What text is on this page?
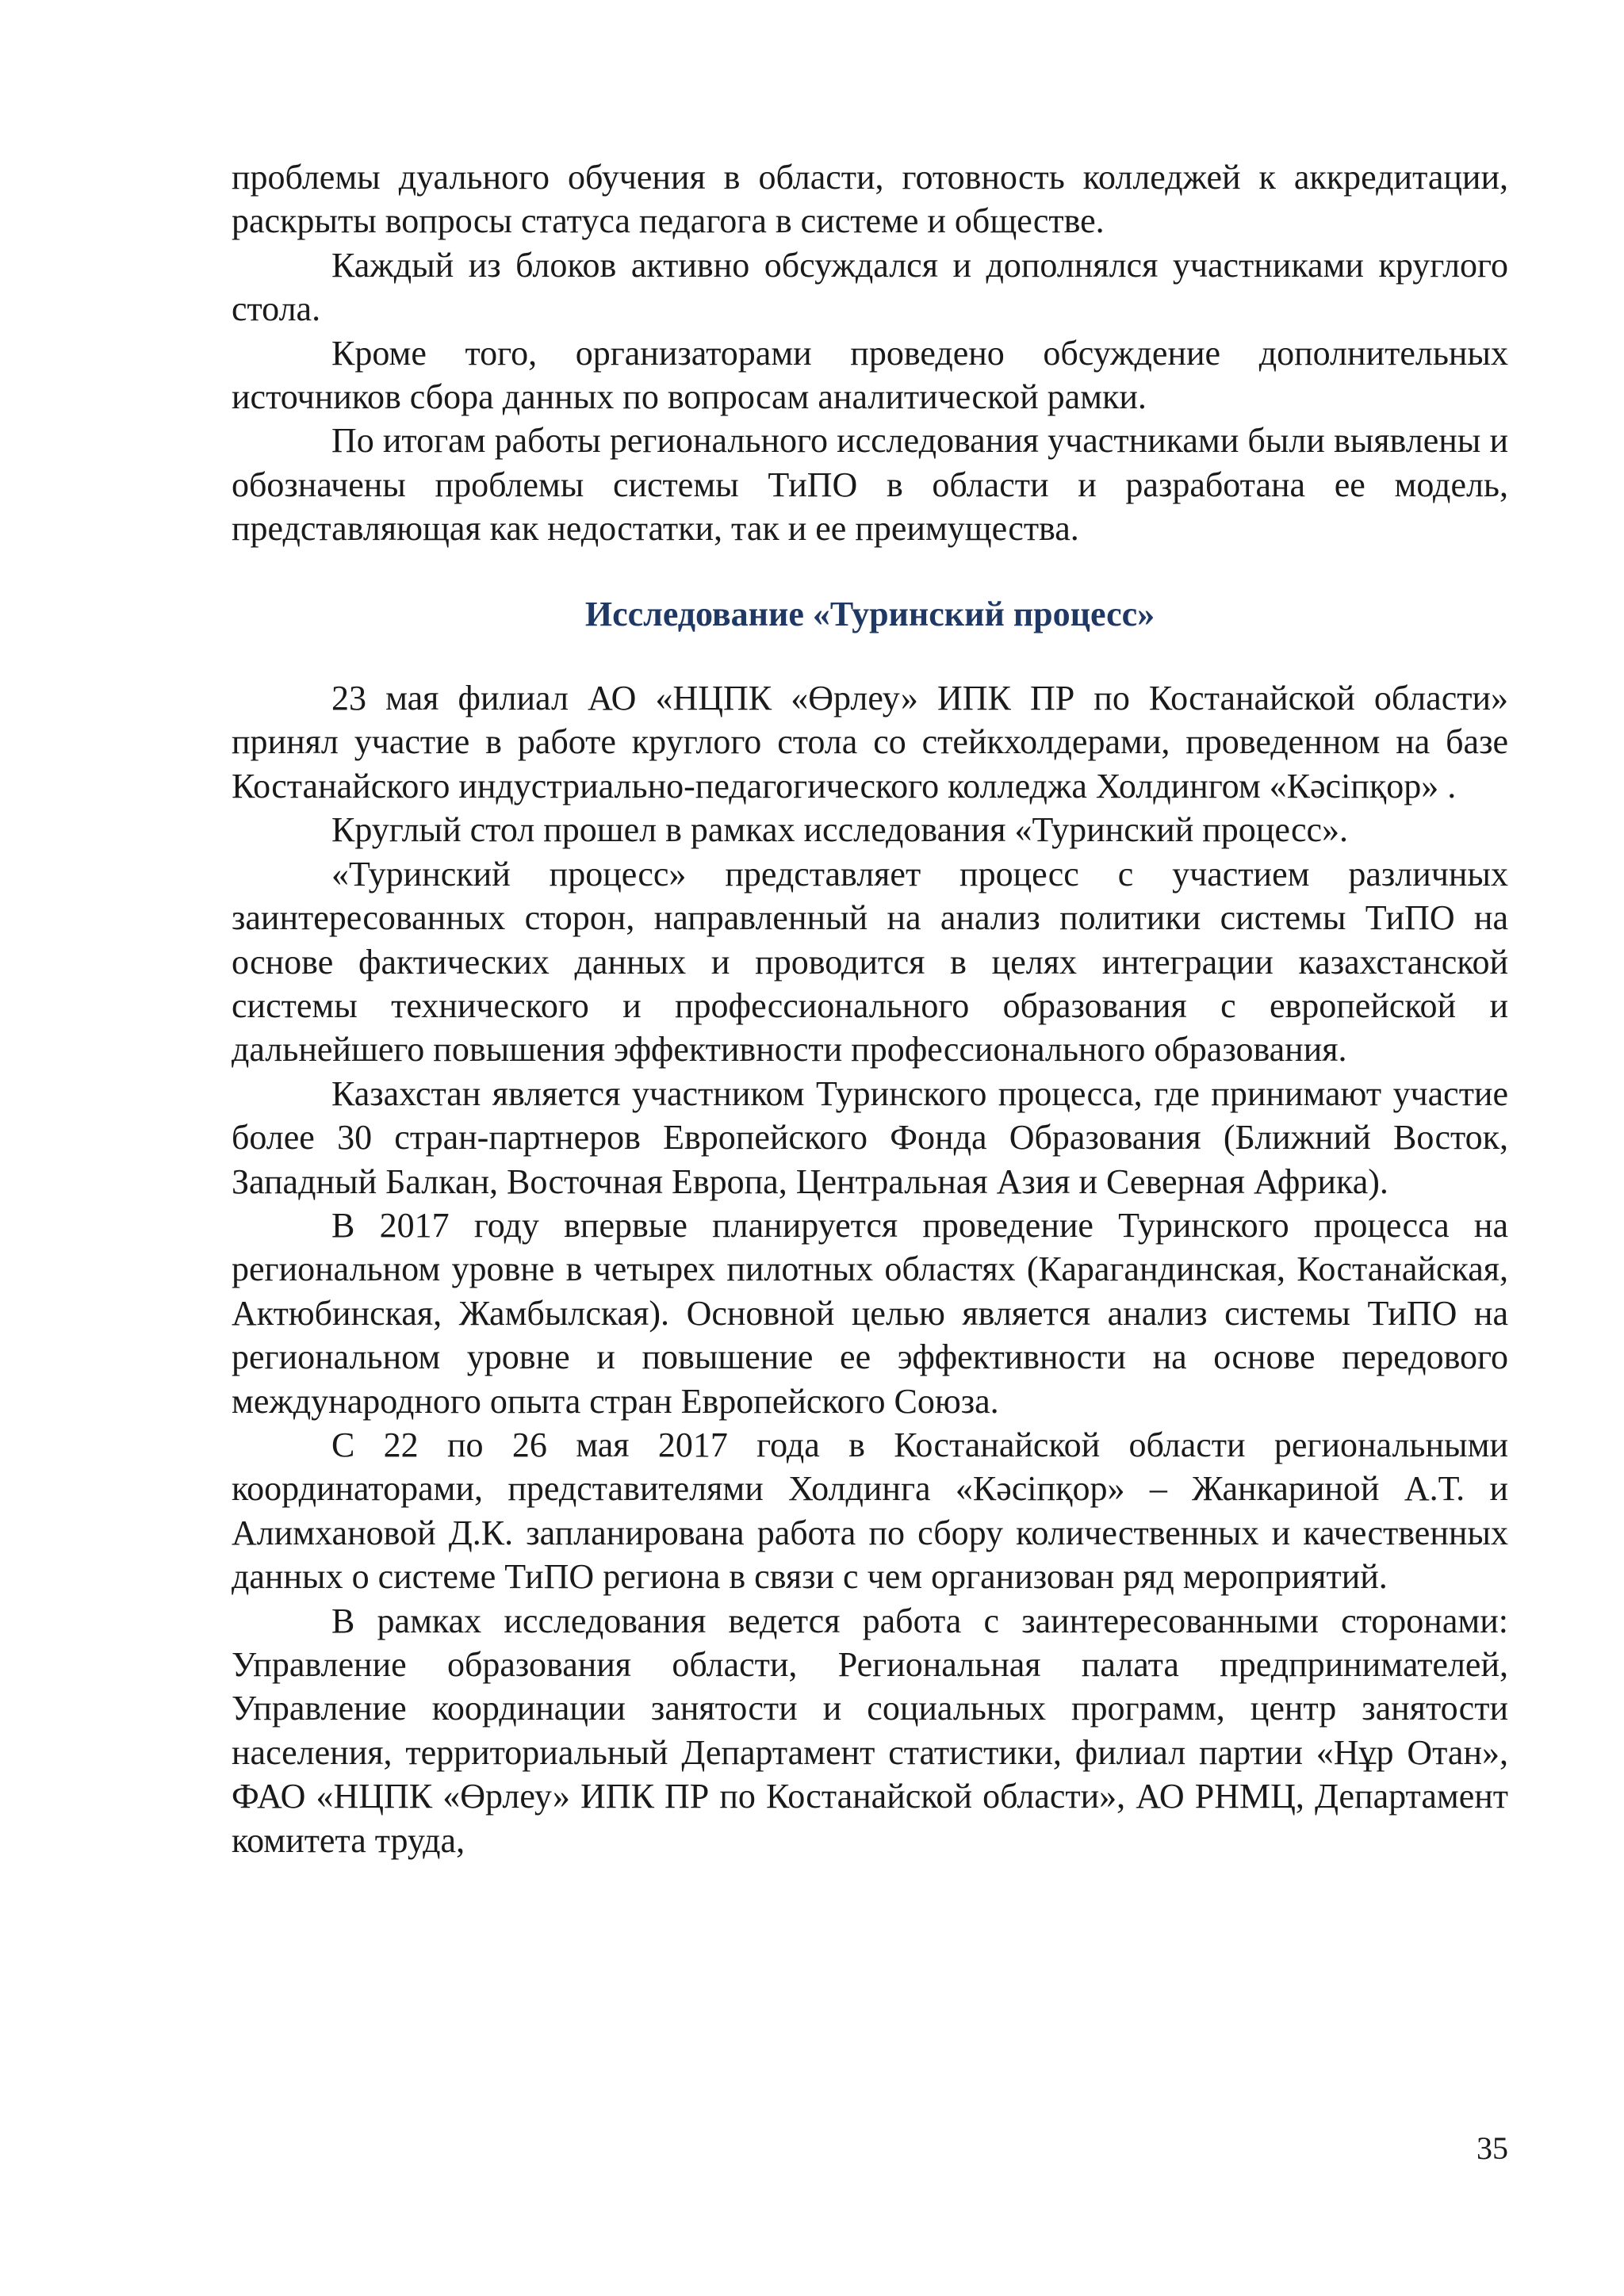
проблемы дуального обучения в области, готовность колледжей к аккредитации, раскрыты вопросы статуса педагога в системе и обществе.

Каждый из блоков активно обсуждался и дополнялся участниками круглого стола.

Кроме того, организаторами проведено обсуждение дополнительных источников сбора данных по вопросам аналитической рамки.

По итогам работы регионального исследования участниками были выявлены и обозначены проблемы системы ТиПО в области и разработана ее модель, представляющая как недостатки, так и ее преимущества.

Исследование «Туринский процесс»

23 мая филиал АО «НЦПК «Өрлеу» ИПК ПР по Костанайской области» принял участие в работе круглого стола со стейкхолдерами, проведенном на базе Костанайского индустриально-педагогического колледжа Холдингом «Кәсіпқор» .

Круглый стол прошел в рамках исследования «Туринский процесс».

«Туринский процесс» представляет процесс с участием различных заинтересованных сторон, направленный на анализ политики системы ТиПО на основе фактических данных и проводится в целях интеграции казахстанской системы технического и профессионального образования с европейской и дальнейшего повышения эффективности профессионального образования.

Казахстан является участником Туринского процесса, где принимают участие более 30 стран-партнеров Европейского Фонда Образования (Ближний Восток, Западный Балкан, Восточная Европа, Центральная Азия и Северная Африка).

В 2017 году впервые планируется проведение Туринского процесса на региональном уровне в четырех пилотных областях (Карагандинская, Костанайская, Актюбинская, Жамбылская). Основной целью является анализ системы ТиПО на региональном уровне и повышение ее эффективности на основе передового международного опыта стран Европейского Союза.

С 22 по 26 мая 2017 года в Костанайской области региональными координаторами, представителями Холдинга «Кәсіпқор» – Жанкариной А.Т. и Алимхановой Д.К. запланирована работа по сбору количественных и качественных данных о системе ТиПО региона в связи с чем организован ряд мероприятий.

В рамках исследования ведется работа с заинтересованными сторонами: Управление образования области, Региональная палата предпринимателей, Управление координации занятости и социальных программ, центр занятости населения, территориальный Департамент статистики, филиал партии «Нұр Отан», ФАО «НЦПК «Өрлеу» ИПК ПР по Костанайской области», АО РНМЦ, Департамент комитета труда,

35
